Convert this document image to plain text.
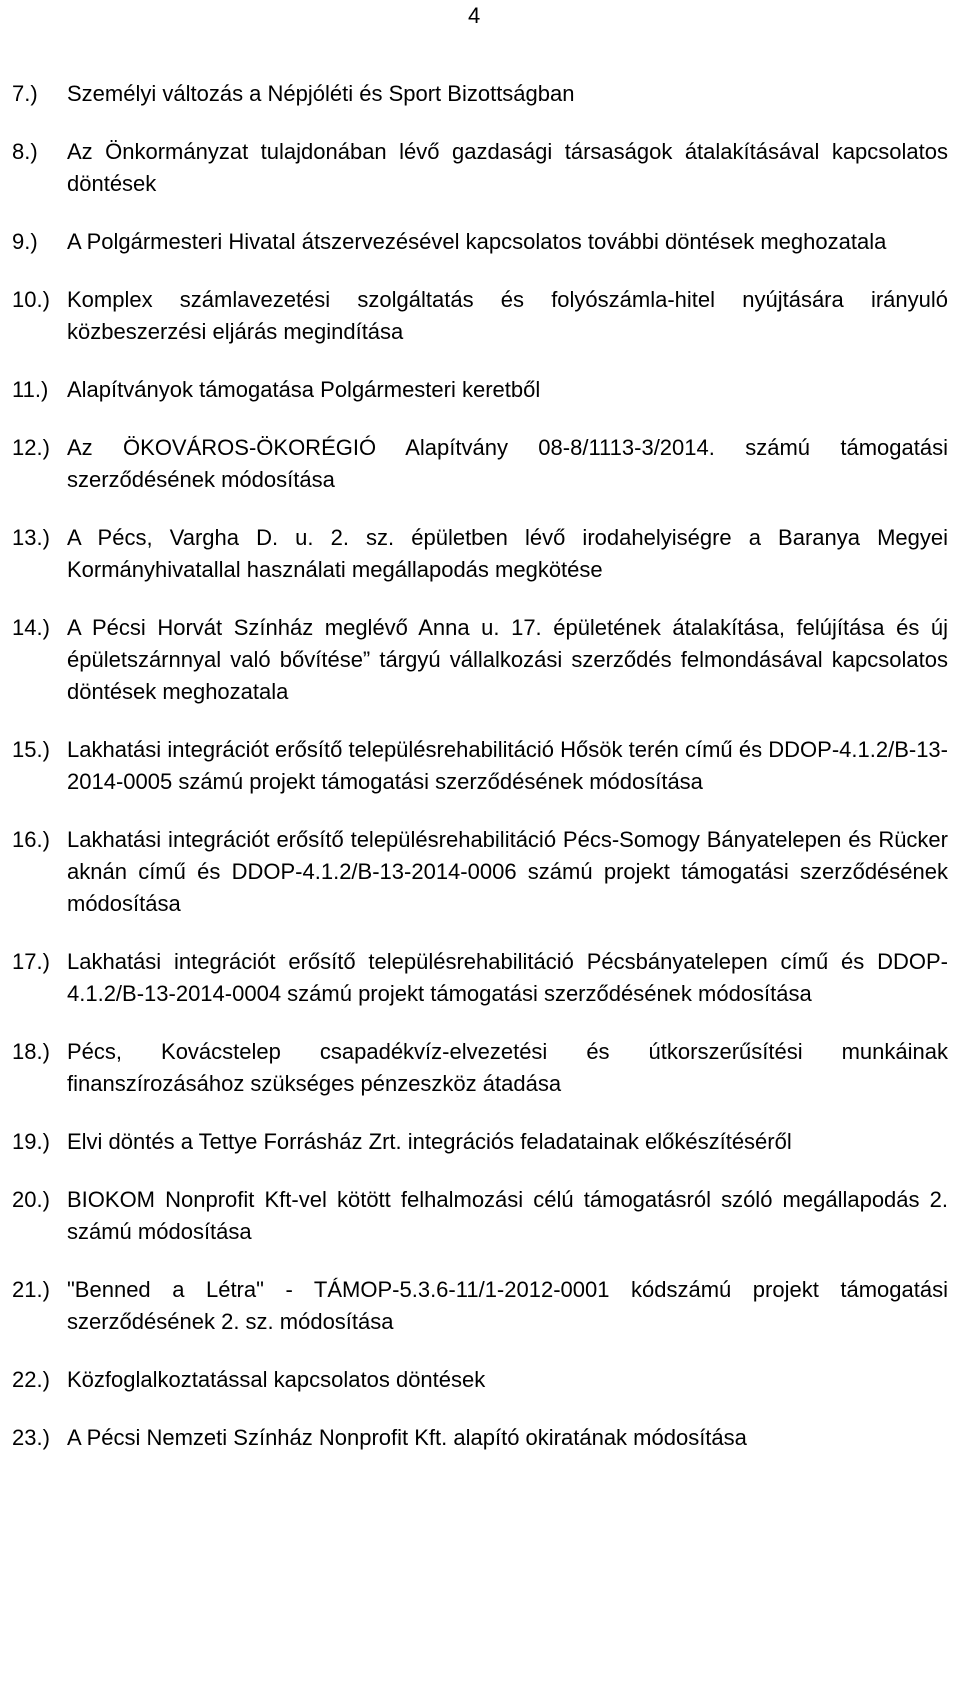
4
7.) Személyi változás a Népjóléti és Sport Bizottságban
8.) Az Önkormányzat tulajdonában lévő gazdasági társaságok átalakításával kapcsolatos döntések
9.) A Polgármesteri Hivatal átszervezésével kapcsolatos további döntések meghozatala
10.) Komplex számlavezetési szolgáltatás és folyószámla-hitel nyújtására irányuló közbeszerzési eljárás megindítása
11.) Alapítványok támogatása Polgármesteri keretből
12.) Az ÖKOVÁROS-ÖKORÉGIÓ Alapítvány 08-8/1113-3/2014. számú támogatási szerződésének módosítása
13.) A Pécs, Vargha D. u. 2. sz. épületben lévő irodahelyiségre a Baranya Megyei Kormányhivatallal használati megállapodás megkötése
14.) A Pécsi Horvát Színház meglévő Anna u. 17. épületének átalakítása, felújítása és új épületszárnnyal való bővítése” tárgyú vállalkozási szerződés felmondásával kapcsolatos döntések meghozatala
15.) Lakhatási integrációt erősítő településrehabilitáció Hősök terén című és DDOP-4.1.2/B-13-2014-0005 számú projekt támogatási szerződésének módosítása
16.) Lakhatási integrációt erősítő településrehabilitáció Pécs-Somogy Bányatelepen és Rücker aknán című és DDOP-4.1.2/B-13-2014-0006 számú projekt támogatási szerződésének módosítása
17.) Lakhatási integrációt erősítő településrehabilitáció Pécsbányatelepen című és DDOP-4.1.2/B-13-2014-0004 számú projekt támogatási szerződésének módosítása
18.) Pécs, Kovácstelep csapadékvíz-elvezetési és útkorszerűsítési munkáinak finanszírozásához szükséges pénzeszköz átadása
19.) Elvi döntés a Tettye Forrásház Zrt. integrációs feladatainak előkészítéséről
20.) BIOKOM Nonprofit Kft-vel kötött felhalmozási célú támogatásról szóló megállapodás 2. számú módosítása
21.) "Benned a Létra" - TÁMOP-5.3.6-11/1-2012-0001 kódszámú projekt támogatási szerződésének 2. sz. módosítása
22.) Közfoglalkoztatással kapcsolatos döntések
23.) A Pécsi Nemzeti Színház Nonprofit Kft. alapító okiratának módosítása
